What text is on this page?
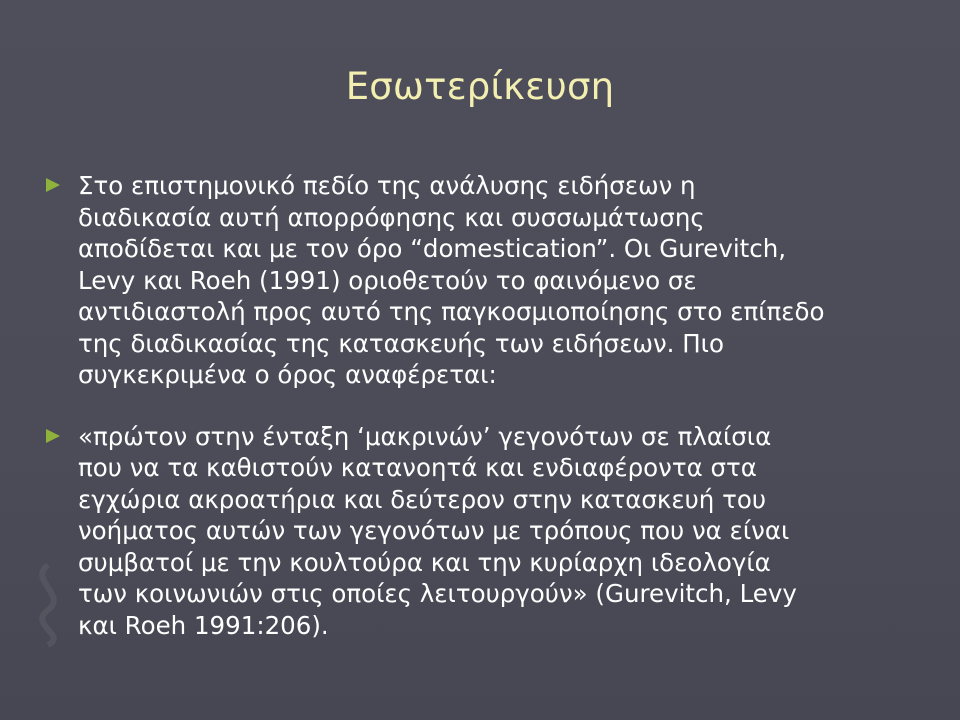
Εσωτερίκευση
Στο επιστημονικό πεδίο της ανάλυσης ειδήσεων η
διαδικασία αυτή απορρόφησης και συσσωμάτωσης
αποδίδεται και με τον όρο “domestication”. Οι Gurevitch,
Levy και Roeh (1991) οριοθετούν το φαινόμενο σε
αντιδιαστολή προς αυτό της παγκοσμιοποίησης στο επίπεδο
της διαδικασίας της κατασκευής των ειδήσεων. Πιο
συγκεκριμένα ο όρος αναφέρεται:
«πρώτον στην ένταξη ‘μακρινών’ γεγονότων σε πλαίσια
που να τα καθιστούν κατανοητά και ενδιαφέροντα στα
εγχώρια ακροατήρια και δεύτερον στην κατασκευή του
νοήματος αυτών των γεγονότων με τρόπους που να είναι
συμβατοί με την κουλτούρα και την κυρίαρχη ιδεολογία
των κοινωνιών στις οποίες λειτουργούν» (Gurevitch, Levy
και Roeh 1991:206).
